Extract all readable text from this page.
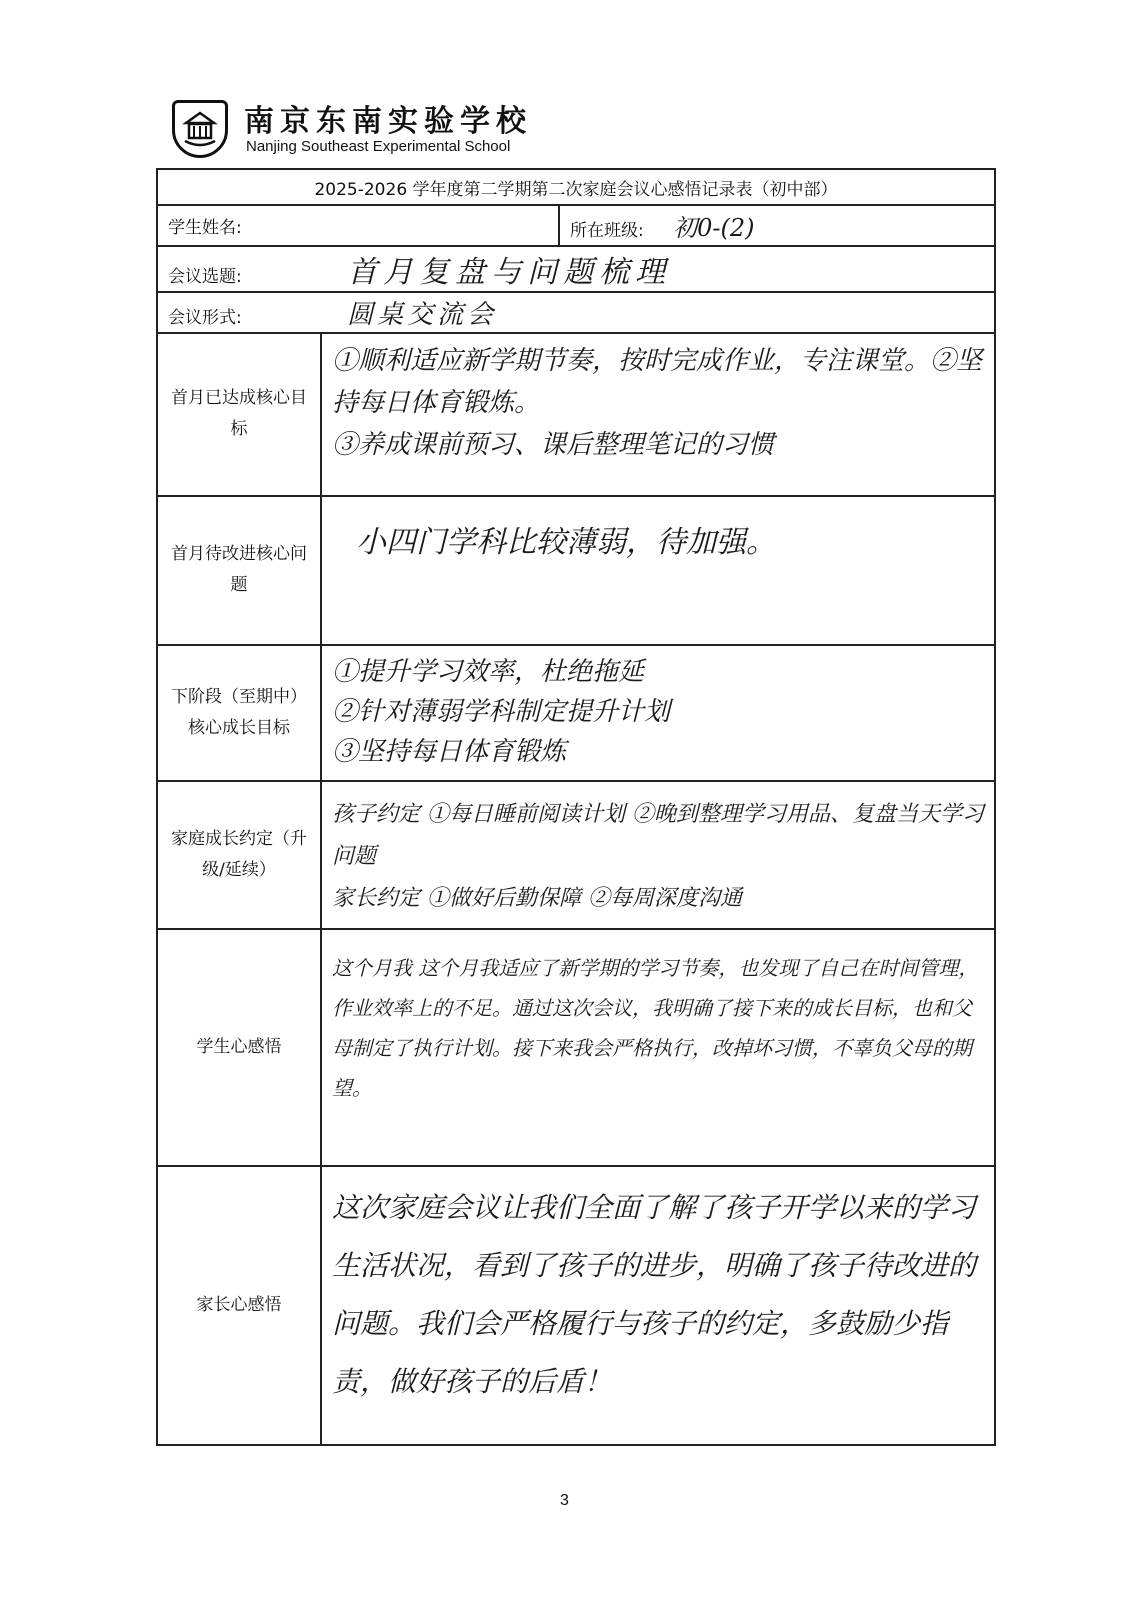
南京东南实验学校
Nanjing Southeast Experimental School
2025-2026 学年度第二学期第二次家庭会议心感悟记录表（初中部）		
学生姓名:		所在班级: 初0-(2)
会议选题: 首月复盘与问题梳理		
会议形式: 圆桌交流会		
首月已达成核心目标	①顺利适应新学期节奏，按时完成作业，专注课堂。②坚持每日体育锻炼。
③养成课前预习、课后整理笔记的习惯	
首月待改进核心问题	小四门学科比较薄弱，待加强。	
下阶段（至期中）核心成长目标	①提升学习效率，杜绝拖延
②针对薄弱学科制定提升计划
③坚持每日体育锻炼	
家庭成长约定（升级/延续）	孩子约定 ①每日睡前阅读计划 ②晚到整理学习用品、复盘当天学习问题
家长约定 ①做好后勤保障 ②每周深度沟通	
学生心感悟	这个月我 这个月我适应了新学期的学习节奏，也发现了自己在时间管理，作业效率上的不足。通过这次会议，我明确了接下来的成长目标，也和父母制定了执行计划。接下来我会严格执行，改掉坏习惯，不辜负父母的期望。	
家长心感悟	这次家庭会议让我们全面了解了孩子开学以来的学习生活状况，看到了孩子的进步，明确了孩子待改进的问题。我们会严格履行与孩子的约定，多鼓励少指责，做好孩子的后盾！	
3
